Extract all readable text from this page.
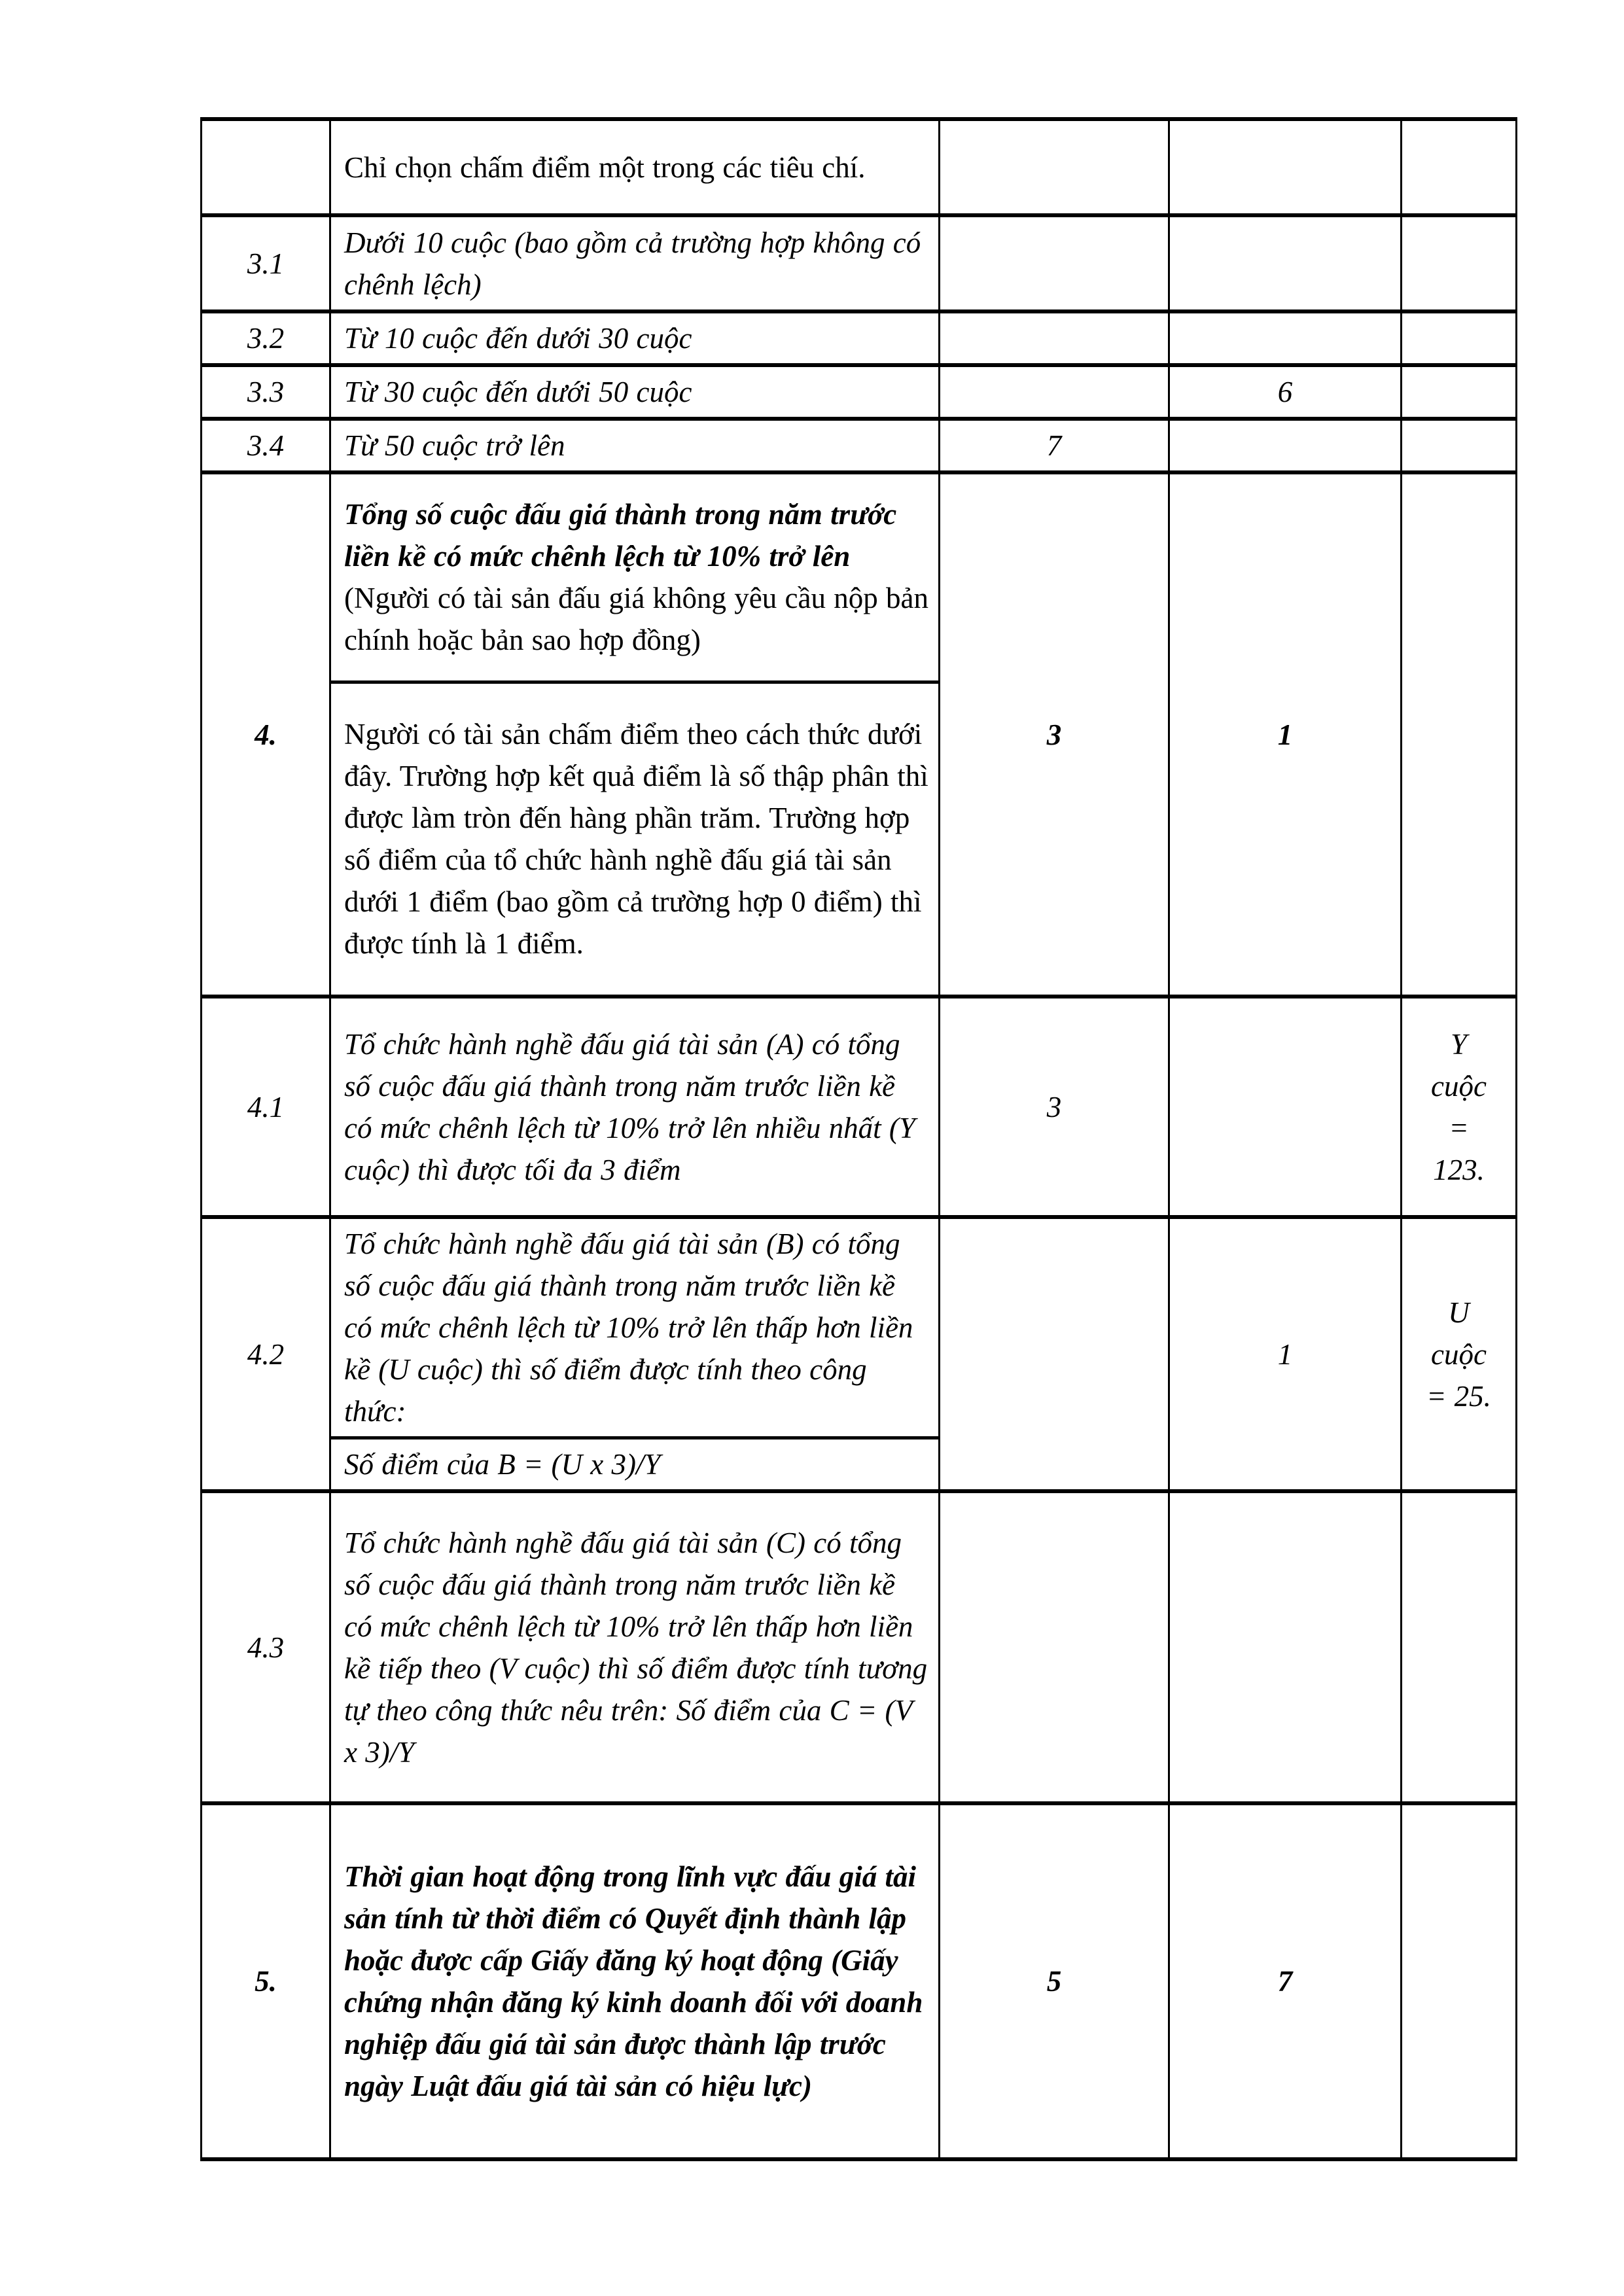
	Chỉ chọn chấm điểm một trong các tiêu chí.			
3.1	Dưới 10 cuộc (bao gồm cả trường hợp không có chênh lệch)			
3.2	Từ 10 cuộc đến dưới 30 cuộc			
3.3	Từ 30 cuộc đến dưới 50 cuộc		6	
3.4	Từ 50 cuộc trở lên	7		
4.	Tổng số cuộc đấu giá thành trong năm trước liền kề có mức chênh lệch từ 10% trở lên (Người có tài sản đấu giá không yêu cầu nộp bản chính hoặc bản sao hợp đồng)	3	1	
	Người có tài sản chấm điểm theo cách thức dưới đây. Trường hợp kết quả điểm là số thập phân thì được làm tròn đến hàng phần trăm. Trường hợp số điểm của tổ chức hành nghề đấu giá tài sản dưới 1 điểm (bao gồm cả trường hợp 0 điểm) thì được tính là 1 điểm.			
4.1	Tổ chức hành nghề đấu giá tài sản (A) có tổng số cuộc đấu giá thành trong năm trước liền kề có mức chênh lệch từ 10% trở lên nhiều nhất (Y cuộc) thì được tối đa 3 điểm	3		Y
cuộc
=
123.

4.2	Tổ chức hành nghề đấu giá tài sản (B) có tổng số cuộc đấu giá thành trong năm trước liền kề có mức chênh lệch từ 10% trở lên thấp hơn liền kề (U cuộc) thì số điểm được tính theo công thức:		1	U
cuộc
= 25.

	Số điểm của B = (U x 3)/Y			
4.3	Tổ chức hành nghề đấu giá tài sản (C) có tổng số cuộc đấu giá thành trong năm trước liền kề có mức chênh lệch từ 10% trở lên thấp hơn liền kề tiếp theo (V cuộc) thì số điểm được tính tương tự theo công thức nêu trên: Số điểm của C = (V x 3)/Y			
5.	Thời gian hoạt động trong lĩnh vực đấu giá tài sản tính từ thời điểm có Quyết định thành lập hoặc được cấp Giấy đăng ký hoạt động (Giấy chứng nhận đăng ký kinh doanh đối với doanh nghiệp đấu giá tài sản được thành lập trước ngày Luật đấu giá tài sản có hiệu lực)	5	7	
